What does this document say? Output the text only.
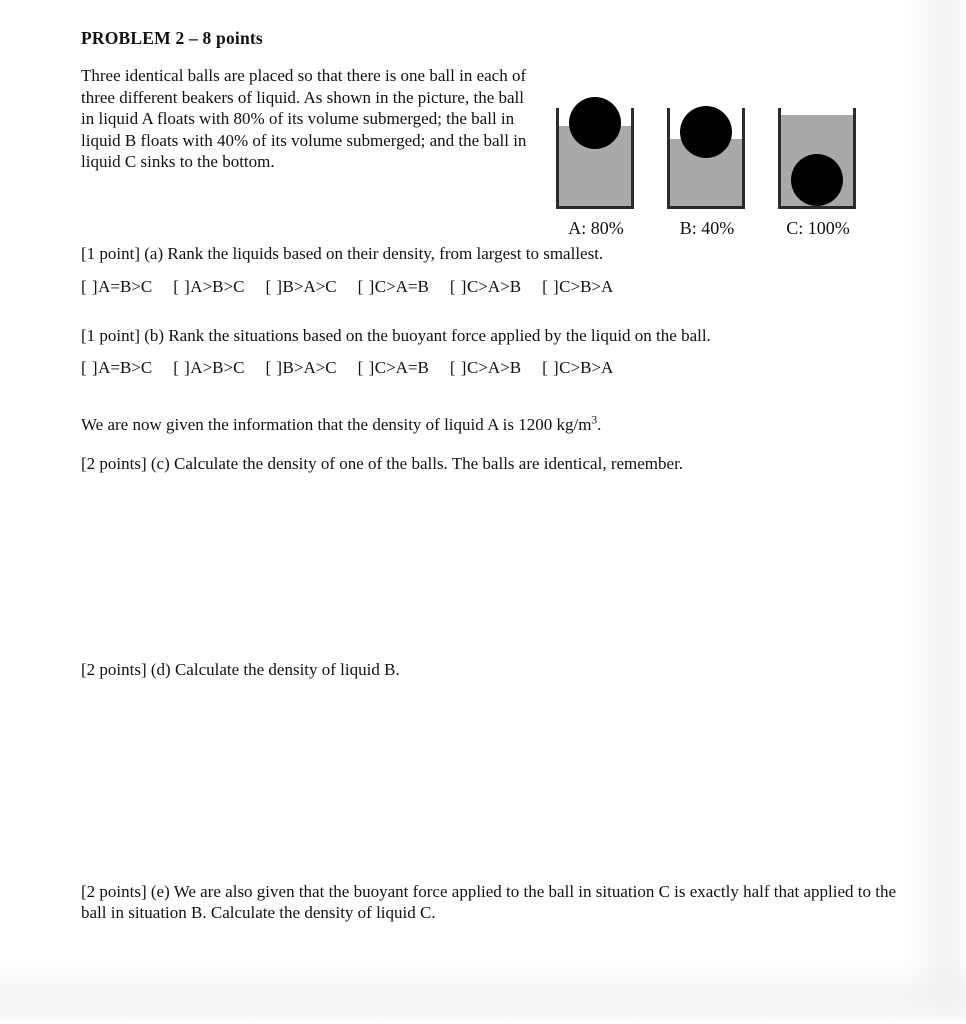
PROBLEM 2 – 8 points

Three identical balls are placed so that there is one ball in each of three different beakers of liquid. As shown in the picture, the ball in liquid A floats with 80% of its volume submerged; the ball in liquid B floats with 40% of its volume submerged; and the ball in liquid C sinks to the bottom.

A: 80%	B: 40%	C: 100%

[1 point] (a) Rank the liquids based on their density, from largest to smallest.

[ ]A=B>C [ ]A>B>C [ ]B>A>C [ ]C>A=B [ ]C>A>B [ ]C>B>A

[1 point] (b) Rank the situations based on the buoyant force applied by the liquid on the ball.

[ ]A=B>C [ ]A>B>C [ ]B>A>C [ ]C>A=B [ ]C>A>B [ ]C>B>A

We are now given the information that the density of liquid A is 1200 $kg/m^3$.

[2 points] (c) Calculate the density of one of the balls. The balls are identical, remember.

[2 points] (d) Calculate the density of liquid B.

[2 points] (e) We are also given that the buoyant force applied to the ball in situation C is exactly half that applied to the ball in situation B. Calculate the density of liquid C.
